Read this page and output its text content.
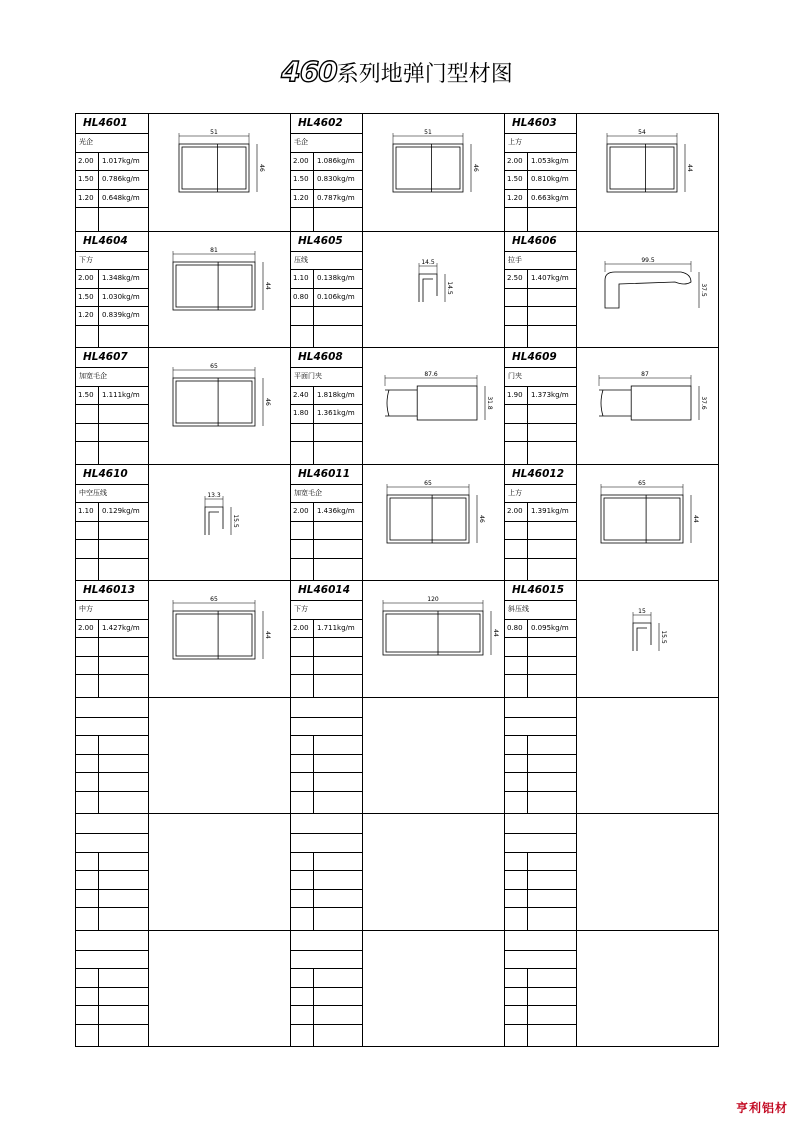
460系列地弹门型材图
HL4601
光企
2.00	1.017kg/m
1.50	0.786kg/m
1.20	0.648kg/m
51
46
HL4602
毛企
2.00	1.086kg/m
1.50	0.830kg/m
1.20	0.787kg/m
51
46
HL4603
上方
2.00	1.053kg/m
1.50	0.810kg/m
1.20	0.663kg/m
54
44
HL4604
下方
2.00	1.348kg/m
1.50	1.030kg/m
1.20	0.839kg/m
81
44
HL4605
压线
1.10	0.138kg/m
0.80	0.106kg/m
14.5
14.5
HL4606
拉手
2.50	1.407kg/m
99.5
37.5
HL4607
加宽毛企
1.50	1.111kg/m
65
46
HL4608
平面门夹
2.40	1.818kg/m
1.80	1.361kg/m
87.6
31.8
HL4609
门夹
1.90	1.373kg/m
87
37.6
HL4610
中空压线
1.10	0.129kg/m
13.3
15.5
HL46011
加宽毛企
2.00	1.436kg/m
65
46
HL46012
上方
2.00	1.391kg/m
65
44
HL46013
中方
2.00	1.427kg/m
65
44
HL46014
下方
2.00	1.711kg/m
120
44
HL46015
斜压线
0.80	0.095kg/m
15
15.5
亨利铝材
